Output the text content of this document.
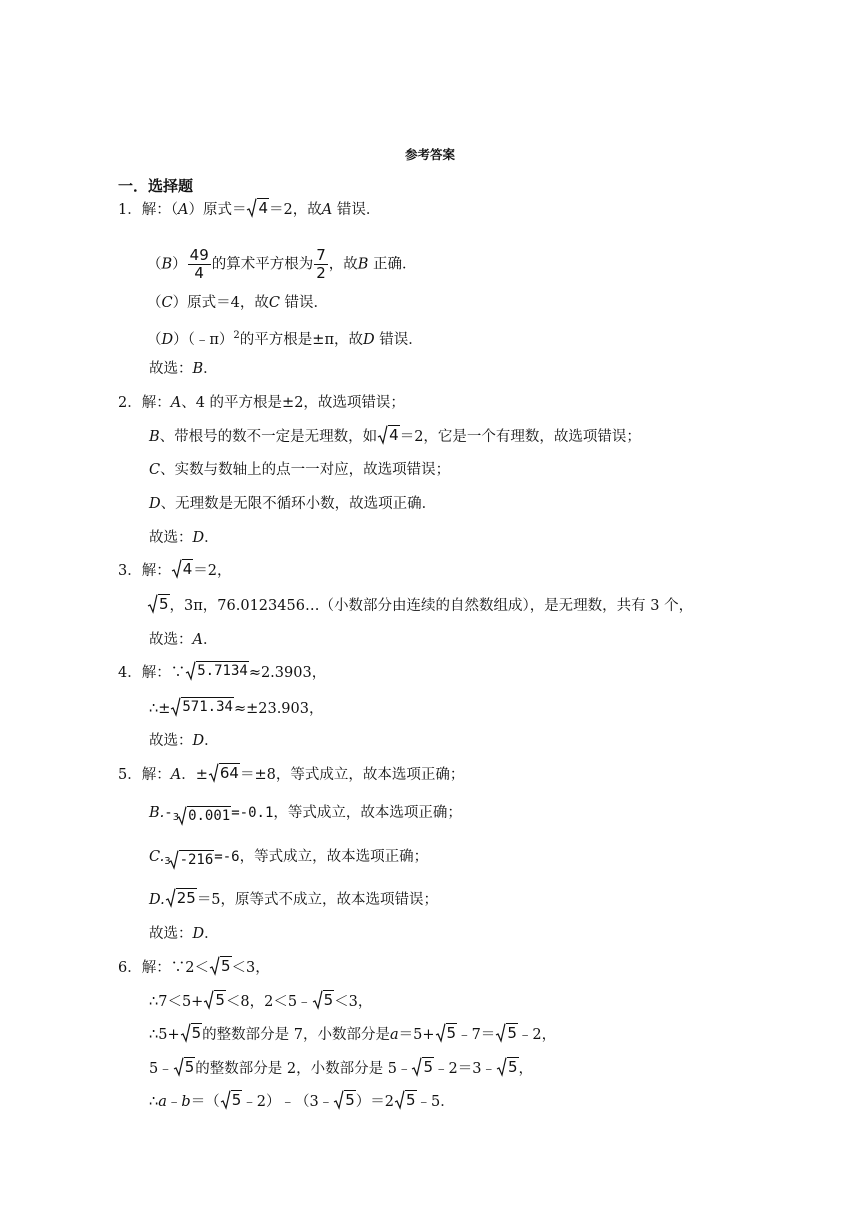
参考答案
一．选择题
1．解：（A）原式＝ 4 ＝2，故A 错误．
$(B) \frac{49}{4}$ 的算术平方根为 $\frac{7}{2}$ ，故B 正确．
（C）原式＝4，故C 错误．
（D）（﹣π）$^2$的平方根是±π，故D 错误．
故选：B．
2．解：A、4 的平方根是±2，故选项错误；
B、带根号的数不一定是无理数，如 4 ＝2，它是一个有理数，故选项错误；
C、实数与数轴上的点一一对应，故选项错误；
D、无理数是无限不循环小数，故选项正确．
故选：D．
3．解： 4 ＝2，
5 ，3π，76.0123456…（小数部分由连续的自然数组成），是无理数，共有 3 个，
故选：A．
4．解：∵ 5.7134 ≈2.3903，
∴± 571.34 ≈±23.903，
故选：D．
5．解：A．± 64 ＝±8，等式成立，故本选项正确；
B.- 3 0.001 =-0.1，等式成立，故本选项正确；
C. 3 -216 =-6，等式成立，故本选项正确；
D. 25 ＝5，原等式不成立，故本选项错误；
故选：D．
6．解：∵2＜ 5 ＜3，
∴7＜5+ 5 ＜8，2＜5﹣ 5 ＜3，
∴5+ 5 的整数部分是 7，小数部分是a＝5+ 5 ﹣7＝ 5 ﹣2，
5﹣ 5 的整数部分是 2，小数部分是 5﹣ 5 ﹣2＝3﹣ 5 ，
∴a﹣b＝（ 5 ﹣2）﹣（3﹣ 5 ）＝2 5 ﹣5．
